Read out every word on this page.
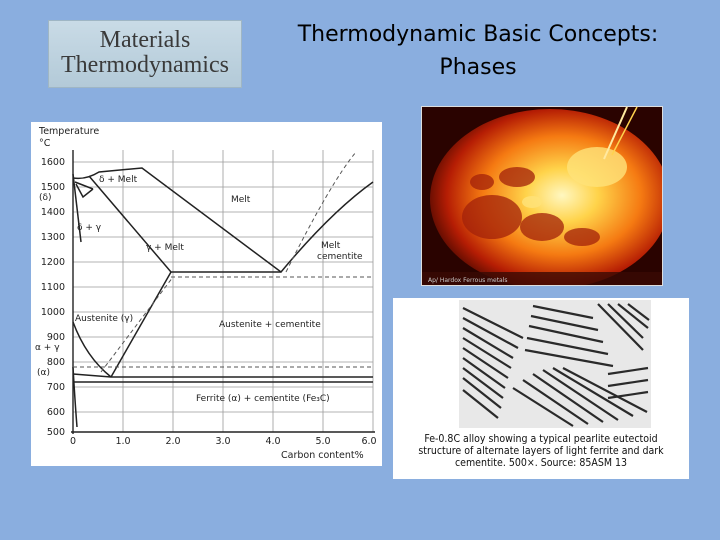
Materials
Thermodynamics
Thermodynamic Basic Concepts:
Phases
1600
1500
1400
1300
1200
1100
1000
900
800
700
600
500
0	1.0	2.0	3.0	4.0	5.0	6.0
Temperature
°C
Carbon content%
δ + Melt
(δ)
δ + γ
Melt
γ + Melt	Melt
cementite
Austenite (γ)
Austenite + cementite
α + γ
(α)
Ferrite (α) + cementite (Fe₃C)
Ap/ Hardox Ferrous metals
Fe-0.8C alloy showing a typical pearlite eutectoid
structure of alternate layers of light ferrite and dark
cementite. 500×. Source: 85ASM 13
